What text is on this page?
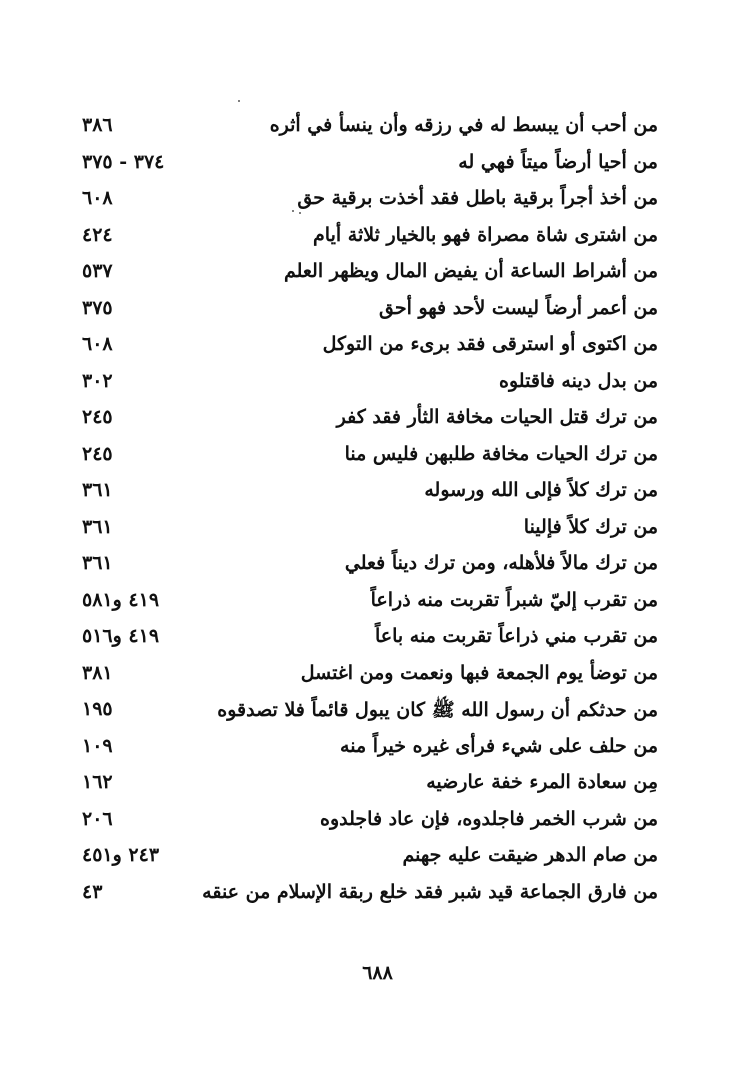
من أحب أن يبسط له في رزقه وأن ينسأ في أثره
٣٨٦
من أحيا أرضاً ميتاً فهي له
٣٧٤ - ٣٧٥
من أخذ أجراً برقية باطل فقد أخذت برقية حق
٦٠٨
من اشترى شاة مصراة فهو بالخيار ثلاثة أيام
٤٢٤
من أشراط الساعة أن يفيض المال ويظهر العلم
٥٣٧
من أعمر أرضاً ليست لأحد فهو أحق
٣٧٥
من اكتوى أو استرقى فقد برىء من التوكل
٦٠٨
من بدل دينه فاقتلوه
٣٠٢
من ترك قتل الحيات مخافة الثأر فقد كفر
٢٤٥
من ترك الحيات مخافة طلبهن فليس منا
٢٤٥
من ترك كلاً فإلى الله ورسوله
٣٦١
من ترك كلاً فإلينا
٣٦١
من ترك مالاً فلأهله، ومن ترك ديناً فعلي
٣٦١
من تقرب إليّ شبراً تقربت منه ذراعاً
٤١٩ و٥٨١
من تقرب مني ذراعاً تقربت منه باعاً
٤١٩ و٥١٦
من توضأ يوم الجمعة فبها ونعمت ومن اغتسل
٣٨١
من حدثكم أن رسول الله ﷺ كان يبول قائماً فلا تصدقوه
١٩٥
من حلف على شيء فرأى غيره خيراً منه
١٠٩
مِن سعادة المرء خفة عارضيه
١٦٢
من شرب الخمر فاجلدوه، فإن عاد فاجلدوه
٢٠٦
من صام الدهر ضيقت عليه جهنم
٢٤٣ و٤٥١
من فارق الجماعة قيد شبر فقد خلع ربقة الإسلام من عنقه
٤٣
٦٨٨
